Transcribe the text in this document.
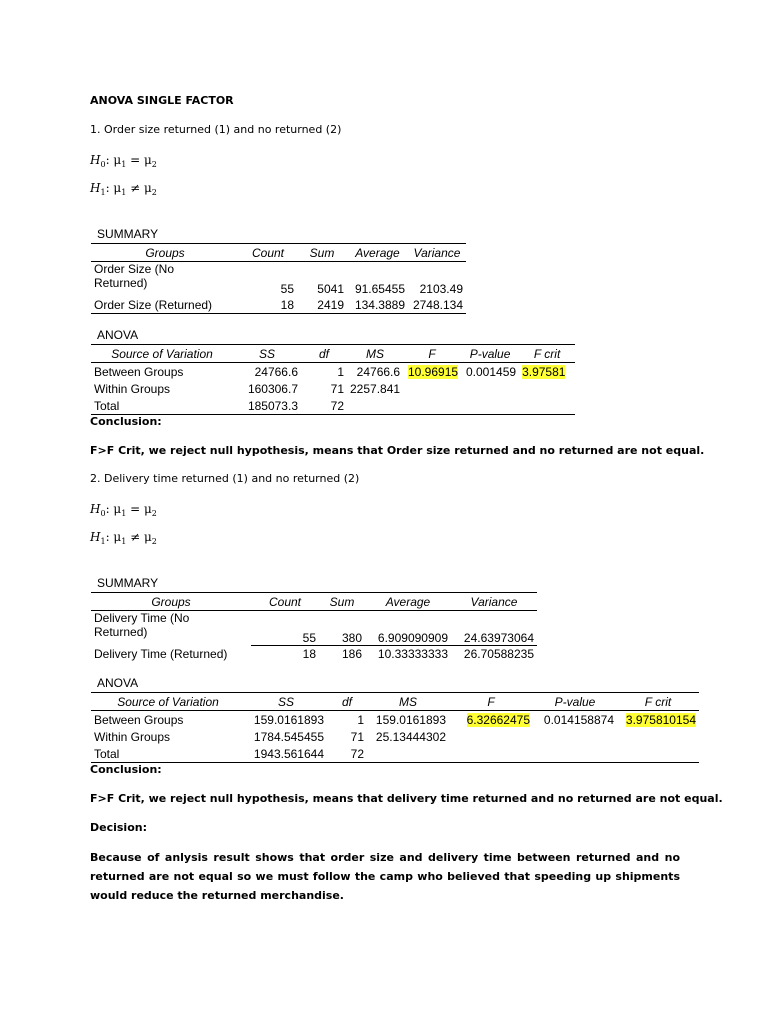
ANOVA SINGLE FACTOR
1. Order size returned (1) and no returned (2)
$H_0$: $\mu_1 = \mu_2$
$H_1$: $\mu_1 \ne \mu_2$
SUMMARY
Groups	Count	Sum	Average	Variance

Order Size (No
Returned)	55	5041	91.65455	2103.49
Order Size (Returned)	18	2419	134.3889	2748.134
ANOVA
Source of Variation	SS	df	MS	F	P-value	F crit
Between Groups	24766.6	1	24766.6	10.96915	0.001459	3.97581
Within Groups	160306.7	71	2257.841			
Total	185073.3	72				
Conclusion:
F>F Crit, we reject null hypothesis, means that Order size returned and no returned are not equal.
2. Delivery time returned (1) and no returned (2)
$H_0$: $\mu_1 = \mu_2$
$H_1$: $\mu_1 \ne \mu_2$
SUMMARY
Groups	Count	Sum	Average	Variance

Delivery Time (No
Returned)	55	380	6.909090909	24.63973064
Delivery Time (Returned)	18	186	10.33333333	26.70588235
ANOVA
Source of Variation	SS	df	MS	F	P-value	F crit
Between Groups	159.0161893	1	159.0161893	6.32662475	0.014158874	3.975810154
Within Groups	1784.545455	71	25.13444302			
Total	1943.561644	72				
Conclusion:
F>F Crit, we reject null hypothesis, means that delivery time returned and no returned are not equal.
Decision:
Because of anlysis result shows that order size and delivery time between returned and no returned are not equal so we must follow the camp who believed that speeding up shipments would reduce the returned merchandise.
